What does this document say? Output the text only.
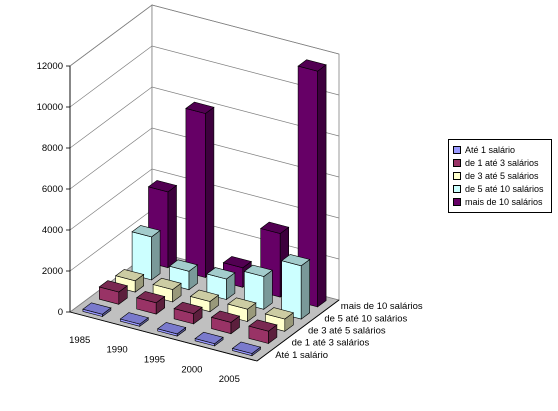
0
2000
4000
6000
8000
10000
12000
1985
1990
1995
2000
2005
Até 1 salário
de 1 até 3 salários
de 3 até 5 salários
de 5 até 10 salários
mais de 10 salários
Até 1 salário
de 1 até 3 salários
de 3 até 5 salários
de 5 até 10 salários
mais de 10 salários
